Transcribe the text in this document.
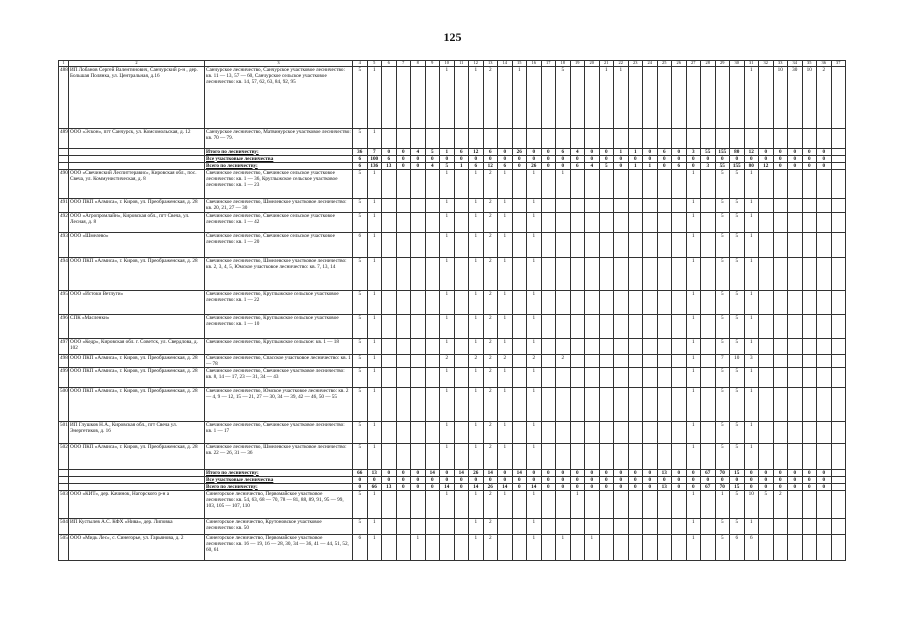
125
1	2	3	4	5	6	7	8	9	10	11	12	13	14	15	16	17	18	19	20	21	22	23	24	25	26	27	28	29	30	31	32	33	34	35	36	37	
488	ИП Лобанов Сергей Валентинович, Санчурский р-н , дер. Большая Полянка, ул. Центральная, д.16	Санчурское лесничество, Санчурское участковое лесничество: кв. 11 — 13, 57 — 60, Санчурское сельское участковое лесничество: кв. 14, 57, 62, 63, 84, 92, 95	5	1					1		1	2		1			5			1	1									1		10	30	10	2				
489	ООО «Эскон», пгт Санчурск, ул. Комсомольская, д. 12	Санчурское лесничество, Матвинурское участковое лесничество: кв. 70 — 79.	5	1																																			
		Итого по лесничеству:	36	7	0	0	4	5	1	6	12	6	0	26	0	0	6	4	0	0	1	1	0	6	0	3	55	155	80	12	0	0	0	0	0		
		Все участковые лесничества	6	100	6	0	0	0	0	0	0	0	0	0	0	0	0	0	0	0	0	0	0	0	0	0	0	0	0	0	0	0	0	0	0		
		Всего по лесничеству:	6	136	13	0	0	4	5	1	6	12	6	0	26	0	0	6	4	5	0	1	1	0	6	0	3	55	155	80	12	0	0	0	0		
490	ООО «Свечинский Леспиттеравис», Кировская обл., пос. Свеча, ул. Коммунистическая, д. 8	Свечинское лесничество, Свечинское сельское участковое лесничество: кв. 1 — 36, Круглыжское сельское участковое лесничество: кв. 1 — 23	5	1					1		1	2	1		1		1									1		5	5	1									
491	ООО ПКП «Алмиса», г. Киров, ул. Преображенская, д. 28	Свечинское лесничество, Шмелевское участковое лесничество: кв. 20, 21, 27 — 30	5	1					1		1	2	1		1											1		5	5	1									
492	ООО «Агропромлайн», Кировская обл., пгт Свеча, ул. Лесная, д. 8	Свечинское лесничество, Свечинское сельское участковое лесничество: кв. 1 — 42	5	1					1		1	2	1		1											1		5	5	1									
493	ООО «Шмелево»	Свечинское лесничество, Свечинское сельское участковое лесничество: кв. 1 — 20	6	1					1		1	2	1		1											1		5	5	1									
494	ООО ПКП «Алмиса», г. Киров, ул. Преображенская, д. 28	Свечинское лесничество, Шмелевское участковое лесничество: кв. 2, 3, 4, 5, Юмское участковое лесничество: кв. 7, 13, 14	5	1					1		1	2	1		1											1		5	5	1									
495	ООО «Истоки Ветлуги»	Свечинское лесничество, Круглыжское сельское участковое лесничество: кв. 1 — 22	5	1					1		1	2	1		1											1		5	5	1									
496	СПК «Масленки»	Свечинское лесничество, Круглыжское сельское участковое лесничество: кв. 1 — 10	5	1					1		1	2	1		1											1		5	5	1									
497	ООО «Кедр», Кировская обл. г. Советск, ул. Свердлова, д. 102	Свечинское лесничество, Круглыжское сельское: кв. 1 — 18	5	1					1		1	2	1		1											1		5	5	1									
498	ООО ПКП «Алмиса», г. Киров, ул. Преображенская, д. 28	Свечинское лесничество, Спасское участковое лесничество: кв. 1 — 78	5	1					2		2	2	2		2		2									1		7	10	3									
499	ООО ПКП «Алмиса», г. Киров, ул. Преображенская, д. 28	Свечинское лесничество, Свечинское участковое лесничество: кв. 8, 14 — 17, 23 — 31, 34 — 43	5	1					1		1	2	1		1											1		5	5	1									
500	ООО ПКП «Алмиса», г. Киров, ул. Преображенская, д. 28	Свечинское лесничество, Юмское участковое лесничество: кв. 2 — 4, 9 — 12, 15 — 21, 27 — 30, 34 — 39, 42 — 46, 50 — 55	5	1					1		1	2	1		1											1		5	5	1									
501	ИП Глушков Н.А., Кировская обл., пгт Свеча ул. Энергетиков, д. 16	Свечинское лесничество, Свечинское участковое лесничество: кв. 1 — 17	5	1					1		1	2	1		1											1		5	5	1									
502	ООО ПКП «Алмиса», г. Киров, ул. Преображенская, д. 28	Свечинское лесничество, Шмелевское участковое лесничество: кв. 22 — 26, 31 — 36	5	1					1		1	2	1		1											1		5	5	1									
		Итого по лесничеству:	66	13	0	0	0	14	0	14	26	14	0	14	0	0	0	0	0	0	0	0	0	13	0	0	67	70	15	0	0	0	0	0	0		
		Все участковые лесничества	0	0	0	0	0	0	0	0	0	0	0	0	0	0	0	0	0	0	0	0	0	0	0	0	0	0	0	0	0	0	0	0	0		
		Всего по лесничеству:	0	66	13	0	0	0	14	0	14	26	14	0	14	0	0	0	0	0	0	0	0	13	0	0	67	70	15	0	0	0	0	0	0		
503	ООО «КИТ», дер. Качинок, Нагорского р-н а	Синегорское лесничество, Первомайское участковое лесничество: кв. 54, 63, 68 — 70, 78 — 81, 88, 89, 91, 95 — 99, 103, 105 — 107, 110	5	1					1		1	2	1		1			1								1		1	5	10	5	2							
504	ИП Кустылев А.С. КФХ «Нива», дер. Липовка	Синегорское лесничество, Крутоновское участковое лесничество: кв. 50	5	1							1	2			1											1		5	5	1									
505	ООО «Мидь Лес», с. Синегорье, ул. Гарьянова, д. 2	Синегорское лесничество, Первомайское участковое лесничество: кв. 16 — 19, 16 — 28, 30, 34 — 36, 41 — 44, 51, 52, 60, 61	6	1			1				1	2			1		1		1							1		5	6	6									
